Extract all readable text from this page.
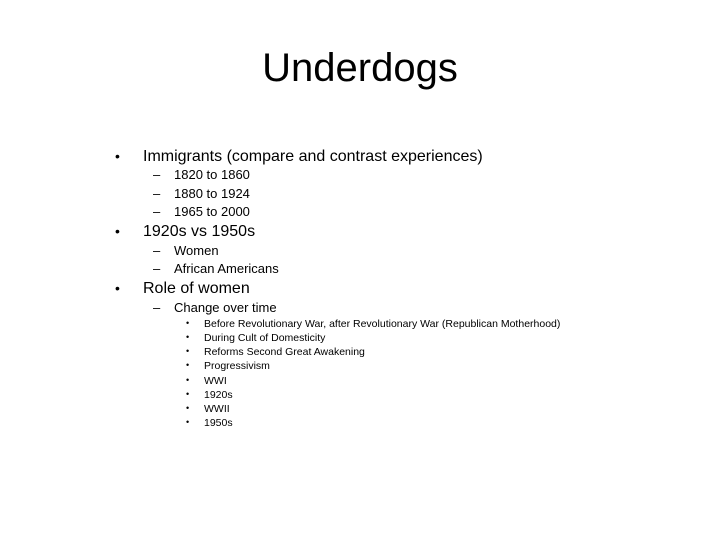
Underdogs
• Immigrants (compare and contrast experiences)
– 1820 to 1860
– 1880 to 1924
– 1965 to 2000
• 1920s vs 1950s
– Women
– African Americans
• Role of women
– Change over time
• Before Revolutionary War, after Revolutionary War (Republican Motherhood)
• During Cult of Domesticity
• Reforms Second Great Awakening
• Progressivism
• WWI
• 1920s
• WWII
• 1950s
